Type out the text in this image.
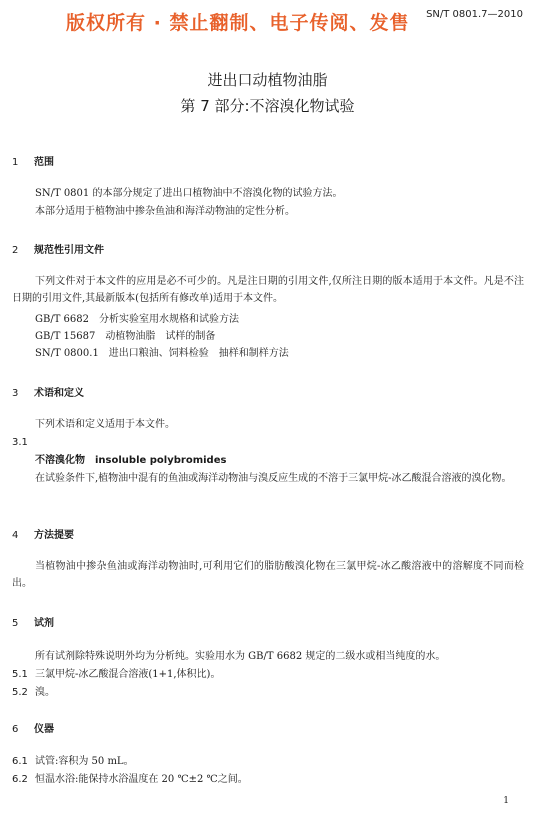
版权所有 · 禁止翻制、电子传阅、发售 SN/T 0801.7—2010
进出口动植物油脂
第 7 部分:不溶溴化物试验
1 范围
SN/T 0801 的本部分规定了进出口植物油中不溶溴化物的试验方法。
本部分适用于植物油中掺杂鱼油和海洋动物油的定性分析。
2 规范性引用文件
下列文件对于本文件的应用是必不可少的。凡是注日期的引用文件,仅所注日期的版本适用于本文件。凡是不注日期的引用文件,其最新版本(包括所有修改单)适用于本文件。
GB/T 6682　分析实验室用水规格和试验方法
GB/T 15687　动植物油脂　试样的制备
SN/T 0800.1　进出口粮油、饲料检验　抽样和制样方法
3 术语和定义
下列术语和定义适用于本文件。
3.1
不溶溴化物　insoluble polybromides
在试验条件下,植物油中混有的鱼油或海洋动物油与溴反应生成的不溶于三氯甲烷-冰乙酸混合溶液的溴化物。
4 方法提要
当植物油中掺杂鱼油或海洋动物油时,可利用它们的脂肪酸溴化物在三氯甲烷-冰乙酸溶液中的溶解度不同而检出。
5 试剂
所有试剂除特殊说明外均为分析纯。实验用水为 GB/T 6682 规定的二级水或相当纯度的水。
5.1 三氯甲烷-冰乙酸混合溶液(1+1,体积比)。
5.2 溴。
6 仪器
6.1 试管:容积为 50 mL。
6.2 恒温水浴:能保持水浴温度在 20 ℃±2 ℃之间。
1
